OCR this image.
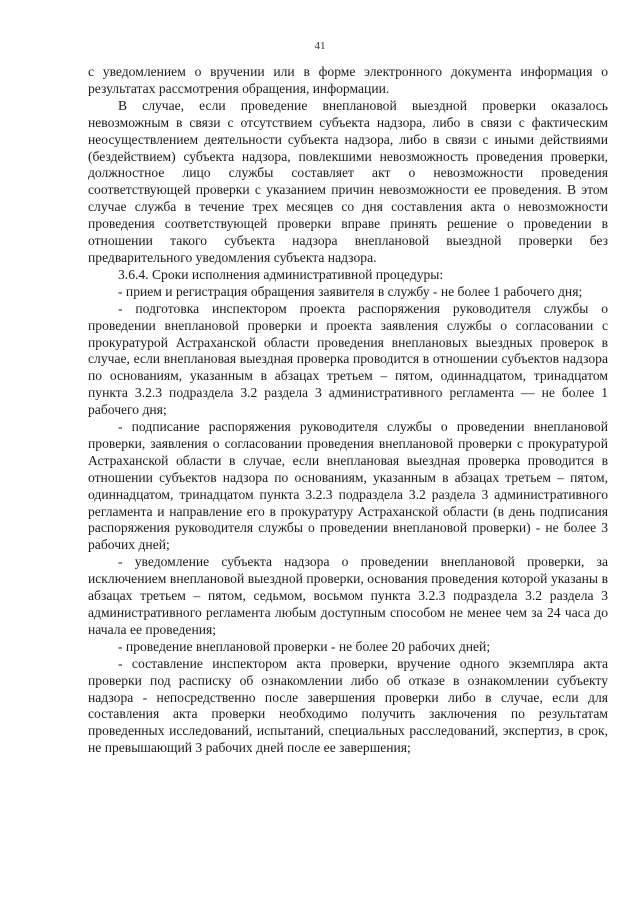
41

с уведомлением о вручении или в форме электронного документа информация о результатах рассмотрения обращения, информации.

В случае, если проведение внеплановой выездной проверки оказалось невозможным в связи с отсутствием субъекта надзора, либо в связи с фактическим неосуществлением деятельности субъекта надзора, либо в связи с иными действиями (бездействием) субъекта надзора, повлекшими невозможность проведения проверки, должностное лицо службы составляет акт о невозможности проведения соответствующей проверки с указанием причин невозможности ее проведения. В этом случае служба в течение трех месяцев со дня составления акта о невозможности проведения соответствующей проверки вправе принять решение о проведении в отношении такого субъекта надзора внеплановой выездной проверки без предварительного уведомления субъекта надзора.

3.6.4. Сроки исполнения административной процедуры:

- прием и регистрация обращения заявителя в службу - не более 1 рабочего дня;

- подготовка инспектором проекта распоряжения руководителя службы о проведении внеплановой проверки и проекта заявления службы о согласовании с прокуратурой Астраханской области проведения внеплановых выездных проверок в случае, если внеплановая выездная проверка проводится в отношении субъектов надзора по основаниям, указанным в абзацах третьем – пятом, одиннадцатом, тринадцатом пункта 3.2.3 подраздела 3.2 раздела 3 административного регламента — не более 1 рабочего дня;

- подписание распоряжения руководителя службы о проведении внеплановой проверки, заявления о согласовании проведения внеплановой проверки с прокуратурой Астраханской области в случае, если внеплановая выездная проверка проводится в отношении субъектов надзора по основаниям, указанным в абзацах третьем – пятом, одиннадцатом, тринадцатом пункта 3.2.3 подраздела 3.2 раздела 3 административного регламента и направление его в прокуратуру Астраханской области (в день подписания распоряжения руководителя службы о проведении внеплановой проверки) - не более 3 рабочих дней;

- уведомление субъекта надзора о проведении внеплановой проверки, за исключением внеплановой выездной проверки, основания проведения которой указаны в абзацах третьем – пятом, седьмом, восьмом пункта 3.2.3 подраздела 3.2 раздела 3 административного регламента любым доступным способом не менее чем за 24 часа до начала ее проведения;

- проведение внеплановой проверки - не более 20 рабочих дней;

- составление инспектором акта проверки, вручение одного экземпляра акта проверки под расписку об ознакомлении либо об отказе в ознакомлении субъекту надзора - непосредственно после завершения проверки либо в случае, если для составления акта проверки необходимо получить заключения по результатам проведенных исследований, испытаний, специальных расследований, экспертиз, в срок, не превышающий 3 рабочих дней после ее завершения;
